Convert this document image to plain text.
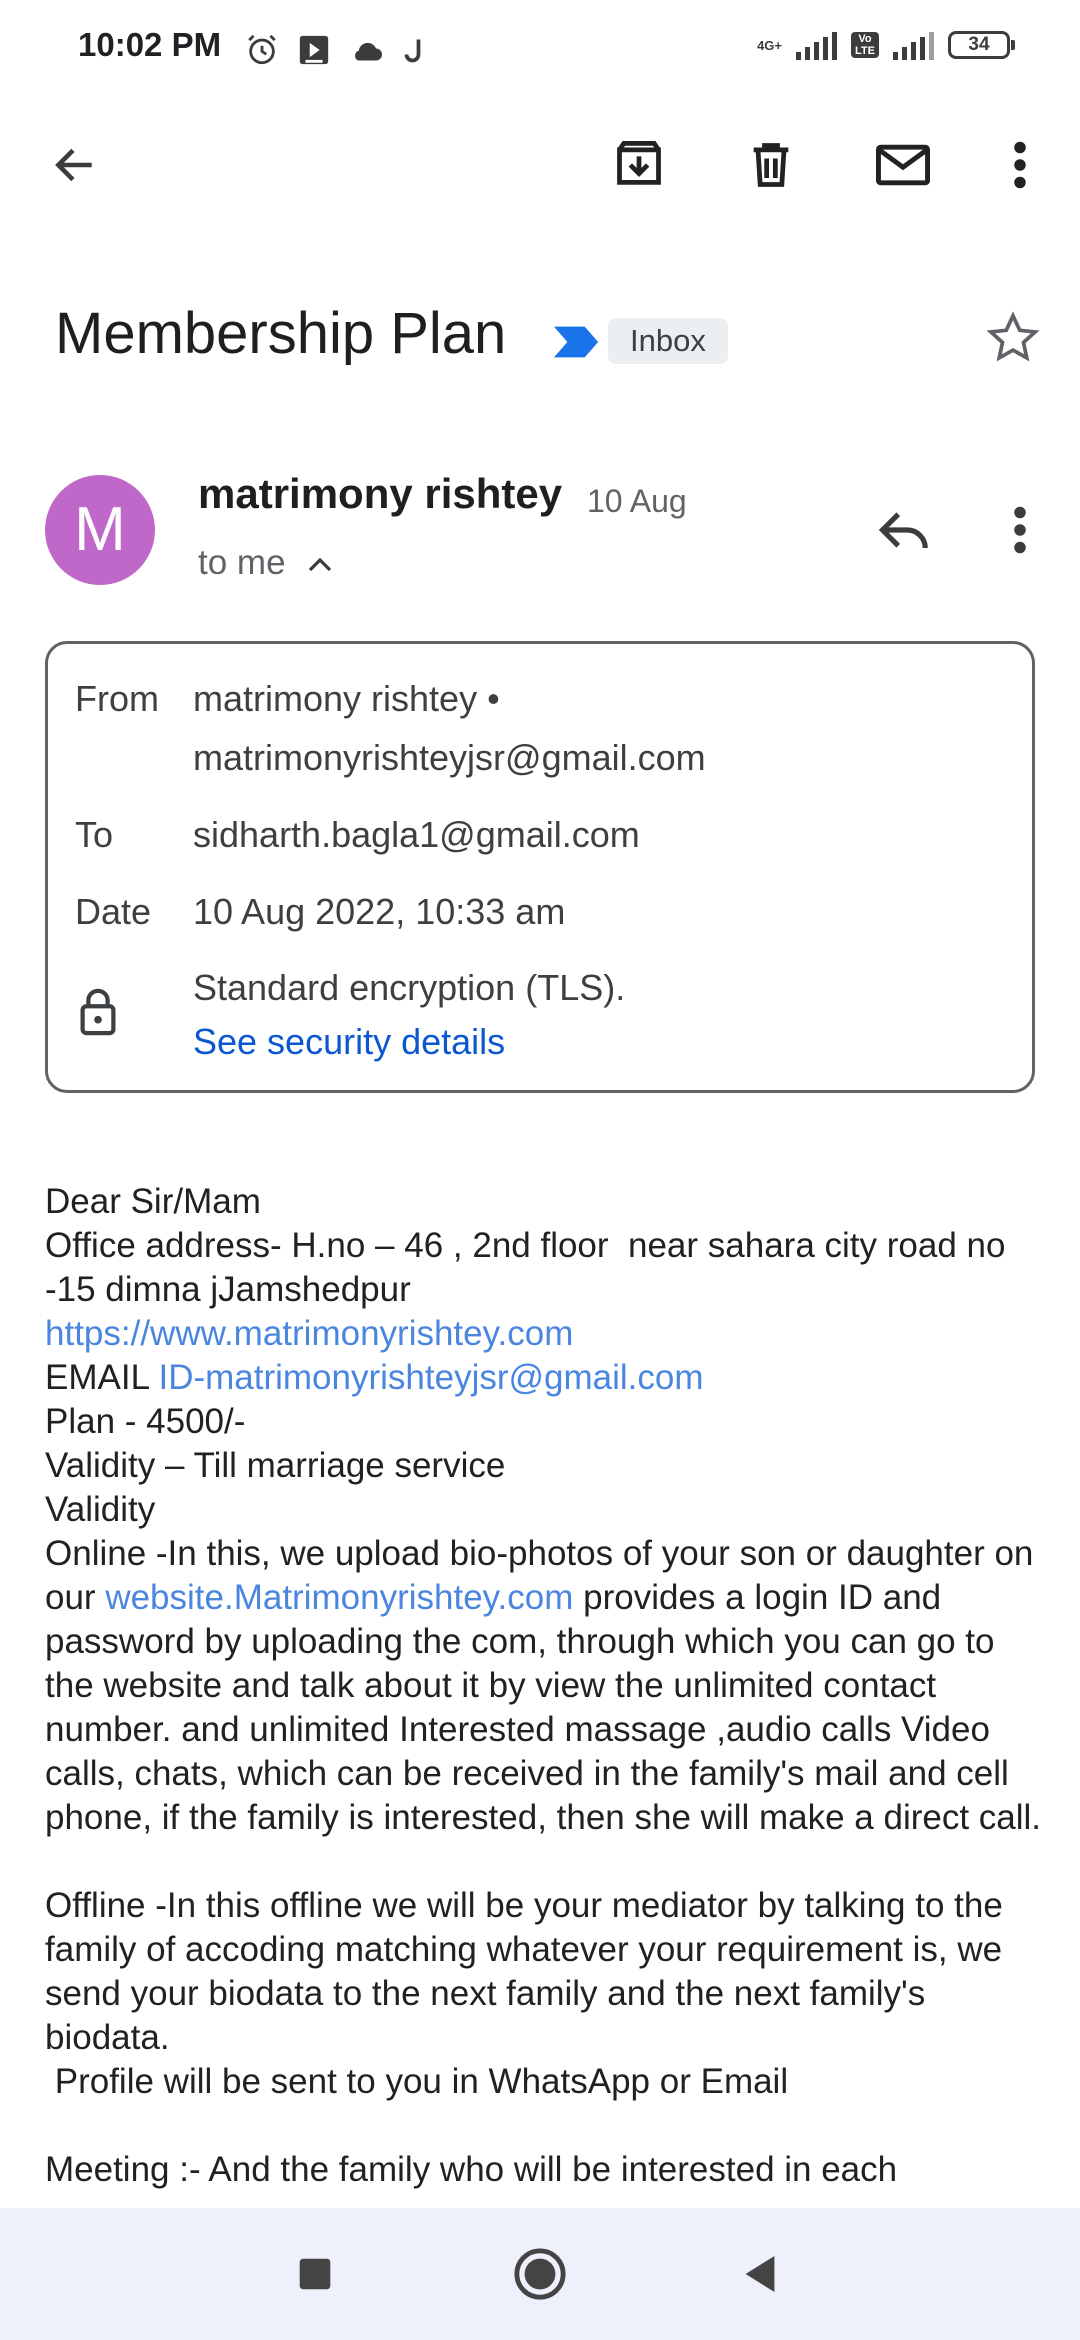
10:02 PM	4G+	Vo LTE	34
Membership Plan	Inbox
M
matrimony rishtey 10 Aug
to me
From matrimony rishtey •
matrimonyrishteyjsr@gmail.com
To sidharth.bagla1@gmail.com
Date 10 Aug 2022, 10:33 am
Standard encryption (TLS).
See security details

Dear Sir/Mam

Office address- H.no – 46 , 2nd floor  near sahara city road no -15 dimna jJamshedpur

https://www.matrimonyrishtey.com

EMAIL ID-matrimonyrishteyjsr@gmail.com

Plan - 4500/-

Validity – Till marriage service

Validity

Online -In this, we upload bio-photos of your son or daughter on our website.Matrimonyrishtey.com provides a login ID and password by uploading the com, through which you can go to the website and talk about it by view the unlimited contact number. and unlimited Interested massage ,audio calls Video calls, chats, which can be received in the family's mail and cell phone, if the family is interested, then she will make a direct call.

Offline -In this offline we will be your mediator by talking to the family of accoding matching whatever your requirement is, we send your biodata to the next family and the next family's biodata.

Profile will be sent to you in WhatsApp or Email

Meeting :- And the family who will be interested in each
